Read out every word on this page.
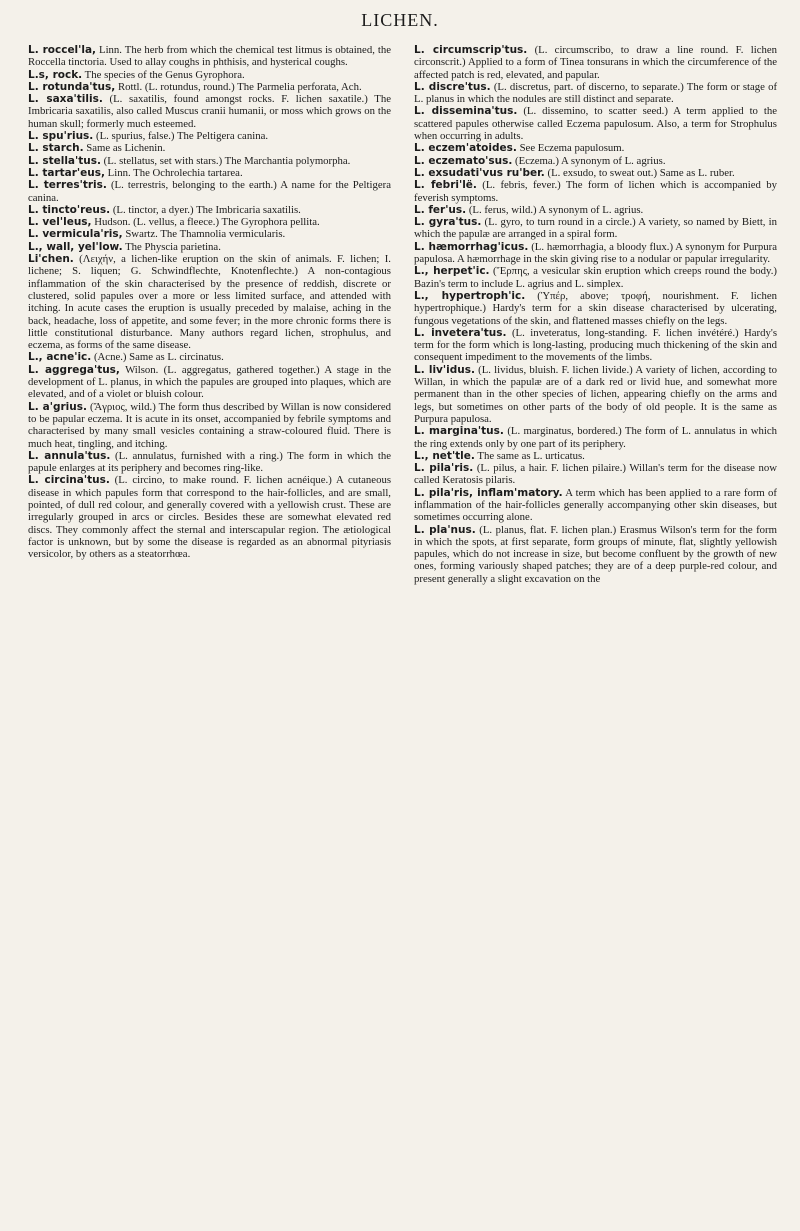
LICHEN.

L. roccel'la, Linn. The herb from which the chemical test litmus is obtained, the Roccella tinctoria. Used to allay coughs in phthisis, and hysterical coughs.

L.s, rock. The species of the Genus Gyrophora.

L. rotunda'tus, Rottl. (L. rotundus, round.) The Parmelia perforata, Ach.

L. saxa'tilis. (L. saxatilis, found amongst rocks. F. lichen saxatile.) The Imbricaria saxatilis, also called Muscus cranii humanii, or moss which grows on the human skull; formerly much esteemed.

L. spu'rius. (L. spurius, false.) The Peltigera canina.

L. starch. Same as Lichenin.

L. stella'tus. (L. stellatus, set with stars.) The Marchantia polymorpha.

L. tartar'eus, Linn. The Ochrolechia tartarea.

L. terres'tris. (L. terrestris, belonging to the earth.) A name for the Peltigera canina.

L. tincto'reus. (L. tinctor, a dyer.) The Imbricaria saxatilis.

L. vel'leus, Hudson. (L. vellus, a fleece.) The Gyrophora pellita.

L. vermicula'ris, Swartz. The Thamnolia vermicularis.

L., wall, yel'low. The Physcia parietina.

Li'chen. (Λειχήν, a lichen-like eruption on the skin of animals. F. lichen; I. lichene; S. liquen; G. Schwindflechte, Knotenflechte.) A non-contagious inflammation of the skin characterised by the presence of reddish, discrete or clustered, solid papules over a more or less limited surface, and attended with itching. In acute cases the eruption is usually preceded by malaise, aching in the back, headache, loss of appetite, and some fever; in the more chronic forms there is little constitutional disturbance. Many authors regard lichen, strophulus, and eczema, as forms of the same disease.

L., acne'ic. (Acne.) Same as L. circinatus.

L. aggrega'tus, Wilson. (L. aggregatus, gathered together.) A stage in the development of L. planus, in which the papules are grouped into plaques, which are elevated, and of a violet or bluish colour.

L. a'grius. (Ἄγριος, wild.) The form thus described by Willan is now considered to be papular eczema. It is acute in its onset, accompanied by febrile symptoms and characterised by many small vesicles containing a straw-coloured fluid. There is much heat, tingling, and itching.

L. annula'tus. (L. annulatus, furnished with a ring.) The form in which the papule enlarges at its periphery and becomes ring-like.

L. circina'tus. (L. circino, to make round. F. lichen acnéique.) A cutaneous disease in which papules form that correspond to the hair-follicles, and are small, pointed, of dull red colour, and generally covered with a yellowish crust. These are irregularly grouped in arcs or circles. Besides these are somewhat elevated red discs. They commonly affect the sternal and interscapular region. The ætiological factor is unknown, but by some the disease is regarded as an abnormal pityriasis versicolor, by others as a steatorrhœa.

L. circumscrip'tus. (L. circumscribo, to draw a line round. F. lichen circonscrit.) Applied to a form of Tinea tonsurans in which the circumference of the affected patch is red, elevated, and papular.

L. discre'tus. (L. discretus, part. of discerno, to separate.) The form or stage of L. planus in which the nodules are still distinct and separate.

L. dissemina'tus. (L. dissemino, to scatter seed.) A term applied to the scattered papules otherwise called Eczema papulosum. Also, a term for Strophulus when occurring in adults.

L. eczem'atoides. See Eczema papulosum.

L. eczemato'sus. (Eczema.) A synonym of L. agrius.

L. exsudati'vus ru'ber. (L. exsudo, to sweat out.) Same as L. ruber.

L. febri'lë. (L. febris, fever.) The form of lichen which is accompanied by feverish symptoms.

L. fer'us. (L. ferus, wild.) A synonym of L. agrius.

L. gyra'tus. (L. gyro, to turn round in a circle.) A variety, so named by Biett, in which the papulæ are arranged in a spiral form.

L. hæmorrhag'icus. (L. hæmorrhagia, a bloody flux.) A synonym for Purpura papulosa. A hæmorrhage in the skin giving rise to a nodular or papular irregularity.

L., herpet'ic. (Ἕρπης, a vesicular skin eruption which creeps round the body.) Bazin's term to include L. agrius and L. simplex.

L., hypertroph'ic. (Ὑπέρ, above; τροφή, nourishment. F. lichen hypertrophique.) Hardy's term for a skin disease characterised by ulcerating, fungous vegetations of the skin, and flattened masses chiefly on the legs.

L. invetera'tus. (L. inveteratus, long-standing. F. lichen invétéré.) Hardy's term for the form which is long-lasting, producing much thickening of the skin and consequent impediment to the movements of the limbs.

L. liv'idus. (L. lividus, bluish. F. lichen livide.) A variety of lichen, according to Willan, in which the papulæ are of a dark red or livid hue, and somewhat more permanent than in the other species of lichen, appearing chiefly on the arms and legs, but sometimes on other parts of the body of old people. It is the same as Purpura papulosa.

L. margina'tus. (L. marginatus, bordered.) The form of L. annulatus in which the ring extends only by one part of its periphery.

L., net'tle. The same as L. urticatus.

L. pila'ris. (L. pilus, a hair. F. lichen pilaire.) Willan's term for the disease now called Keratosis pilaris.

L. pila'ris, inflam'matory. A term which has been applied to a rare form of inflammation of the hair-follicles generally accompanying other skin diseases, but sometimes occurring alone.

L. pla'nus. (L. planus, flat. F. lichen plan.) Erasmus Wilson's term for the form in which the spots, at first separate, form groups of minute, flat, slightly yellowish papules, which do not increase in size, but become confluent by the growth of new ones, forming variously shaped patches; they are of a deep purple-red colour, and present generally a slight excavation on the
